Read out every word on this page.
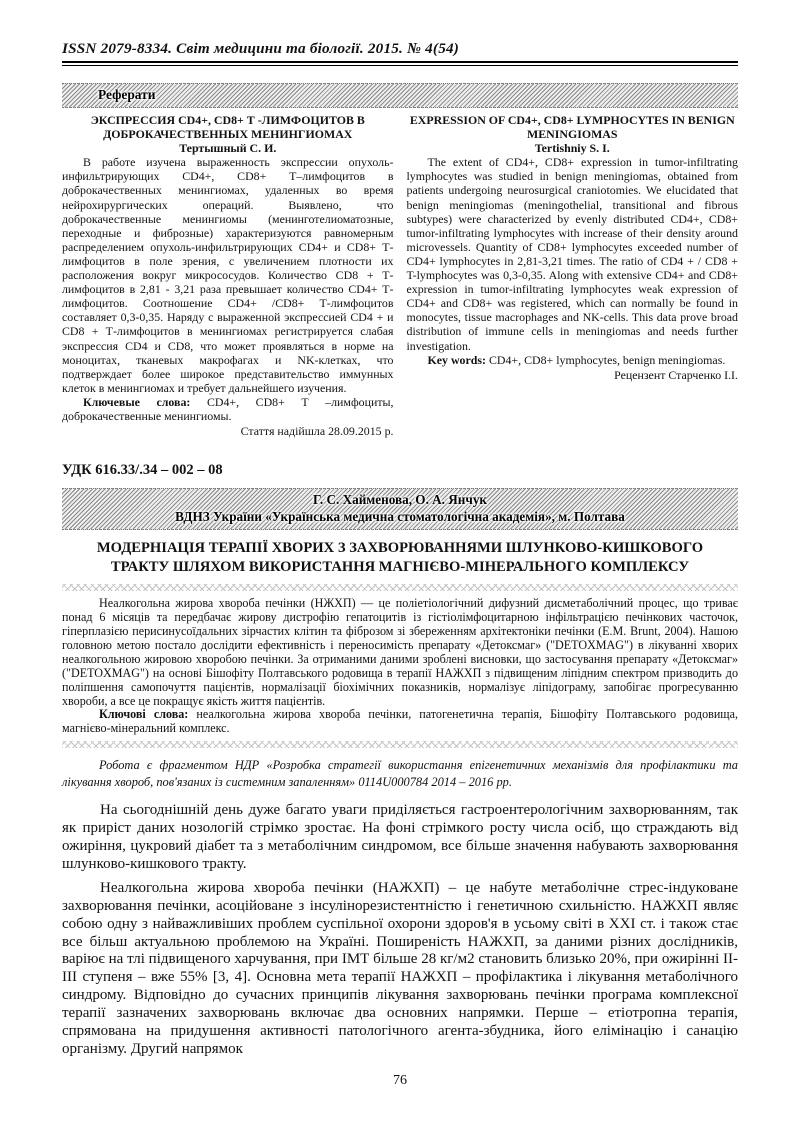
ISSN 2079-8334. Світ медицини та біології. 2015. № 4(54)
Реферати
ЭКСПРЕССИЯ CD4+, CD8+ Т -ЛИМФОЦИТОВ В ДОБРОКАЧЕСТВЕННЫХ МЕНИНГИОМАХ
Тертышный С. И.

В работе изучена выраженность экспрессии опухоль-инфильтрирующих CD4+, CD8+ Т–лимфоцитов в доброкачественных менингиомах, удаленных во время нейрохирургических операций. Выявлено, что доброкачественные менингиомы (менинготелиоматозные, переходные и фиброзные) характеризуются равномерным распределением опухоль-инфильтрирующих CD4+ и CD8+ Т-лимфоцитов в поле зрения, с увеличением плотности их расположения вокруг микрососудов. Количество CD8 + Т-лимфоцитов в 2,81 - 3,21 раза превышает количество CD4+ Т-лимфоцитов. Соотношение CD4+ /CD8+ Т-лимфоцитов составляет 0,3-0,35. Наряду с выраженной экспрессией CD4 + и CD8 + Т-лимфоцитов в менингиомах регистрируется слабая экспрессия CD4 и CD8, что может проявляться в норме на моноцитах, тканевых макрофагах и NK-клетках, что подтверждает более широкое представительство иммунных клеток в менингиомах и требует дальнейшего изучения.

Ключевые слова: CD4+, CD8+ Т –лимфоциты, доброкачественные менингиомы.

Стаття надійшла 28.09.2015 р.
EXPRESSION OF CD4+, CD8+ LYMPHOCYTES IN BENIGN MENINGIOMAS
Tertishniy S. I.

The extent of CD4+, CD8+ expression in tumor-infiltrating lymphocytes was studied in benign meningiomas, obtained from patients undergoing neurosurgical craniotomies. We elucidated that benign meningiomas (meningothelial, transitional and fibrous subtypes) were characterized by evenly distributed CD4+, CD8+ tumor-infiltrating lymphocytes with increase of their density around microvessels. Quantity of CD8+ lymphocytes exceeded number of CD4+ lymphocytes in 2,81-3,21 times. The ratio of CD4 + / CD8 + T-lymphocytes was 0,3-0,35. Along with extensive CD4+ and CD8+ expression in tumor-infiltrating lymphocytes weak expression of CD4+ and CD8+ was registered, which can normally be found in monocytes, tissue macrophages and NK-cells. This data prove broad distribution of immune cells in meningiomas and needs further investigation.

Key words: CD4+, CD8+ lymphocytes, benign meningiomas.

Рецензент Старченко І.І.
УДК 616.33/.34 – 002 – 08
Г. С. Хайменова, О. А. Янчук
ВДНЗ України «Українська медична стоматологічна академія», м. Полтава
МОДЕРНІАЦІЯ ТЕРАПІЇ ХВОРИХ З ЗАХВОРЮВАННЯМИ ШЛУНКОВО-КИШКОВОГО ТРАКТУ ШЛЯХОМ ВИКОРИСТАННЯ МАГНІЄВО-МІНЕРАЛЬНОГО КОМПЛЕКСУ

Неалкогольна жирова хвороба печінки (НЖХП) — це поліетіологічний дифузний дисметаболічний процес, що триває понад 6 місяців та передбачає жирову дистрофію гепатоцитів із гістіолімфоцитарною інфільтрацією печінкових часточок, гіперплазією перисинусоїдальних зірчастих клітин та фіброзом зі збереженням архітектоніки печінки (Е.М. Brunt, 2004). Нашою головною метою постало дослідити ефективність і переносимість препарату «Детоксмаг» ("DETOXMAG") в лікуванні хворих неалкогольною жировою хворобою печінки. За отриманими даними зроблені висновки, що застосування препарату «Детоксмаг» ("DETOXMAG") на основі Бішофіту Полтавського родовища в терапії НАЖХП з підвищеним ліпідним спектром призводить до поліпшення самопочуття пацієнтів, нормалізації біохімічних показників, нормалізує ліпідограму, запобігає прогресуванню хвороби, а все це покращує якість життя пацієнтів.

Ключові слова: неалкогольна жирова хвороба печінки, патогенетична терапія, Бішофіту Полтавського родовища, магнієво-мінеральний комплекс.

Робота є фрагментом НДР «Розробка стратегії використання епігенетичних механізмів для профілактики та лікування хвороб, пов'язаних із системним запаленням» 0114U000784 2014 – 2016 рр.

На сьогоднішній день дуже багато уваги приділяється гастроентерологічним захворюванням, так як приріст даних нозологій стрімко зростає. На фоні стрімкого росту числа осіб, що страждають від ожиріння, цукровий діабет та з метаболічним синдромом, все більше значення набувають захворювання шлунково-кишкового тракту.

Неалкогольна жирова хвороба печінки (НАЖХП) – це набуте метаболічне стрес-індуковане захворювання печінки, асоційоване з інсулінорезистентністю і генетичною схильністю. НАЖХП являє собою одну з найважливіших проблем суспільної охорони здоров'я в усьому світі в ХХІ ст. і також стає все більш актуальною проблемою на Україні. Поширеність НАЖХП, за даними різних дослідників, варіює на тлі підвищеного харчування, при ІМТ більше 28 кг/м2 становить близько 20%, при ожирінні ІІ-ІІІ ступеня – вже 55% [3, 4]. Основна мета терапії НАЖХП – профілактика і лікування метаболічного синдрому. Відповідно до сучасних принципів лікування захворювань печінки програма комплексної терапії зазначених захворювань включає два основних напрямки. Перше – етіотропна терапія, спрямована на придушення активності патологічного агента-збудника, його елімінацію і санацію організму. Другий напрямок

76
